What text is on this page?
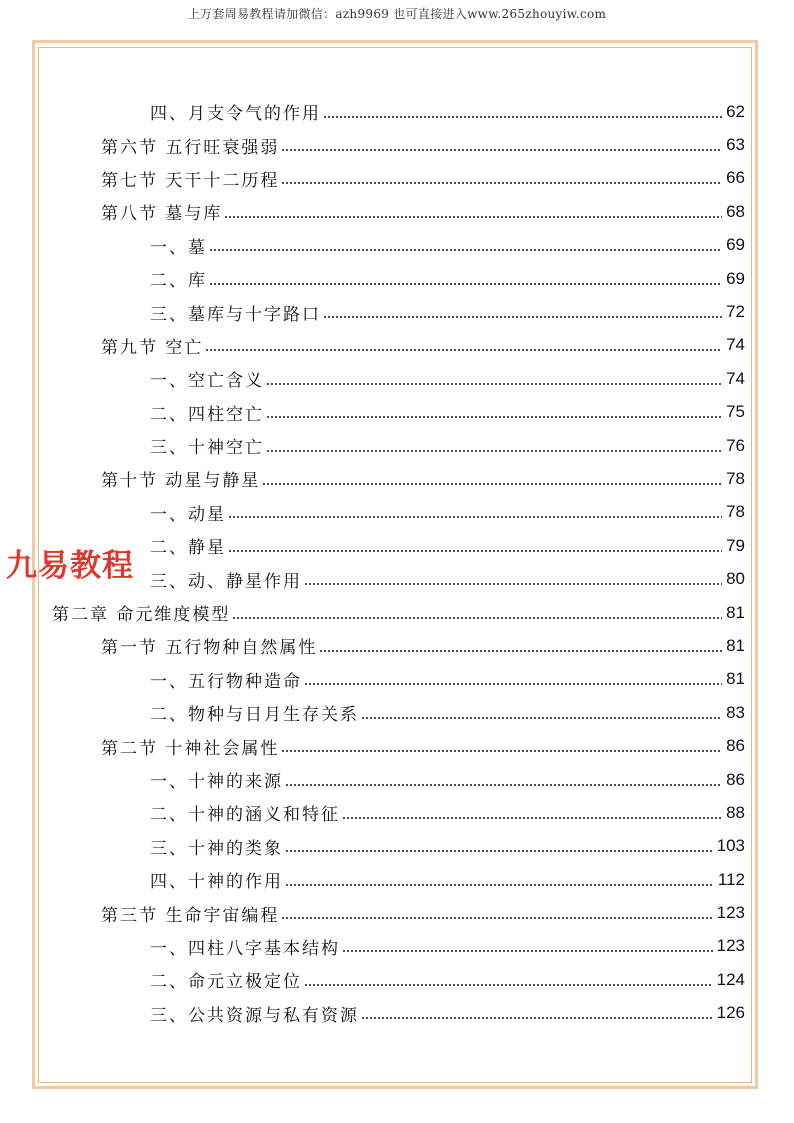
上万套周易教程请加微信：azh9969 也可直接进入www.265zhouyiw.com
四、月支令气的作用	62
第六节 五行旺衰强弱	63
第七节 天干十二历程	66
第八节 墓与库	68
一、墓	69
二、库	69
三、墓库与十字路口	72
第九节 空亡	74
一、空亡含义	74
二、四柱空亡	75
三、十神空亡	76
第十节 动星与静星	78
一、动星	78
二、静星	79
三、动、静星作用	80
第二章 命元维度模型	81
第一节 五行物种自然属性	81
一、五行物种造命	81
二、物种与日月生存关系	83
第二节 十神社会属性	86
一、十神的来源	86
二、十神的涵义和特征	88
三、十神的类象	103
四、十神的作用	112
第三节 生命宇宙编程	123
一、四柱八字基本结构	123
二、命元立极定位	124
三、公共资源与私有资源	126
九易教程
